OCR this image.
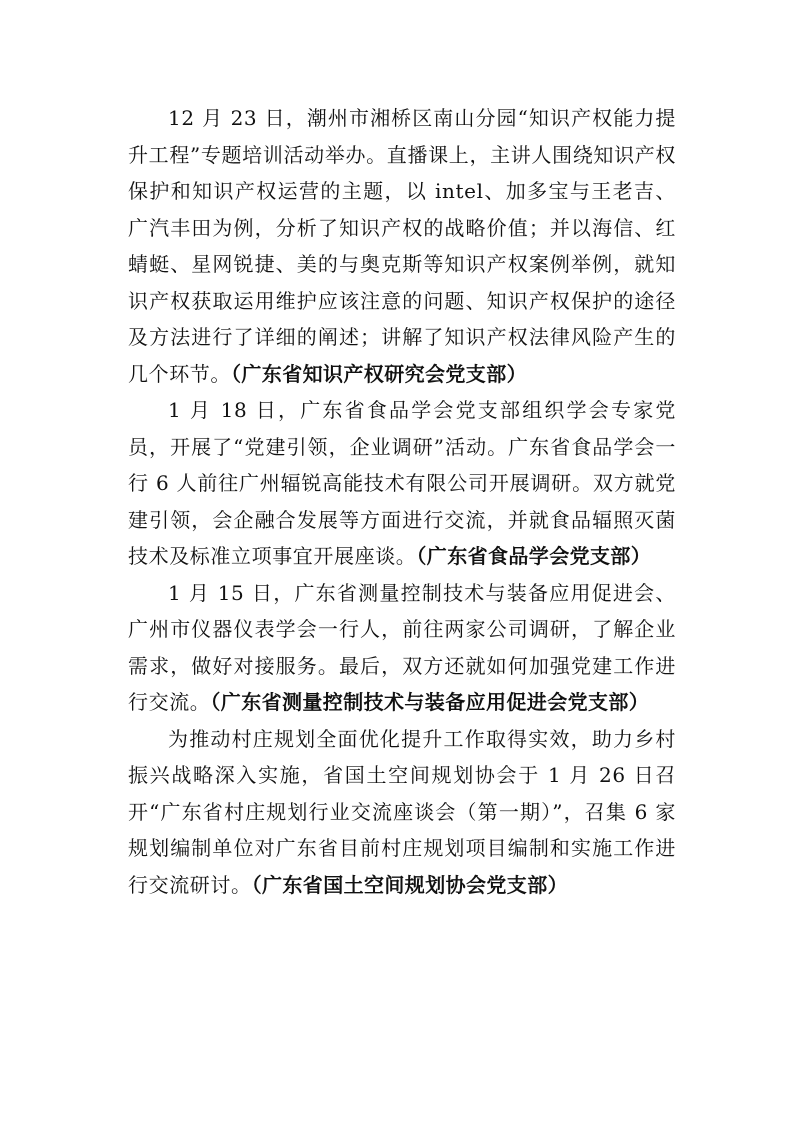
12 月 23 日，潮州市湘桥区南山分园“知识产权能力提升工程”专题培训活动举办。直播课上，主讲人围绕知识产权保护和知识产权运营的主题，以 intel、加多宝与王老吉、广汽丰田为例，分析了知识产权的战略价值；并以海信、红蜻蜓、星网锐捷、美的与奥克斯等知识产权案例举例，就知识产权获取运用维护应该注意的问题、知识产权保护的途径及方法进行了详细的阐述；讲解了知识产权法律风险产生的几个环节。（广东省知识产权研究会党支部）

1 月 18 日，广东省食品学会党支部组织学会专家党员，开展了“党建引领，企业调研”活动。广东省食品学会一行 6 人前往广州辐锐高能技术有限公司开展调研。双方就党建引领，会企融合发展等方面进行交流，并就食品辐照灭菌技术及标准立项事宜开展座谈。（广东省食品学会党支部）

1 月 15 日，广东省测量控制技术与装备应用促进会、广州市仪器仪表学会一行人，前往两家公司调研，了解企业需求，做好对接服务。最后，双方还就如何加强党建工作进行交流。（广东省测量控制技术与装备应用促进会党支部）

为推动村庄规划全面优化提升工作取得实效，助力乡村振兴战略深入实施，省国土空间规划协会于 1 月 26 日召开“广东省村庄规划行业交流座谈会（第一期）”，召集 6 家规划编制单位对广东省目前村庄规划项目编制和实施工作进行交流研讨。（广东省国土空间规划协会党支部）
